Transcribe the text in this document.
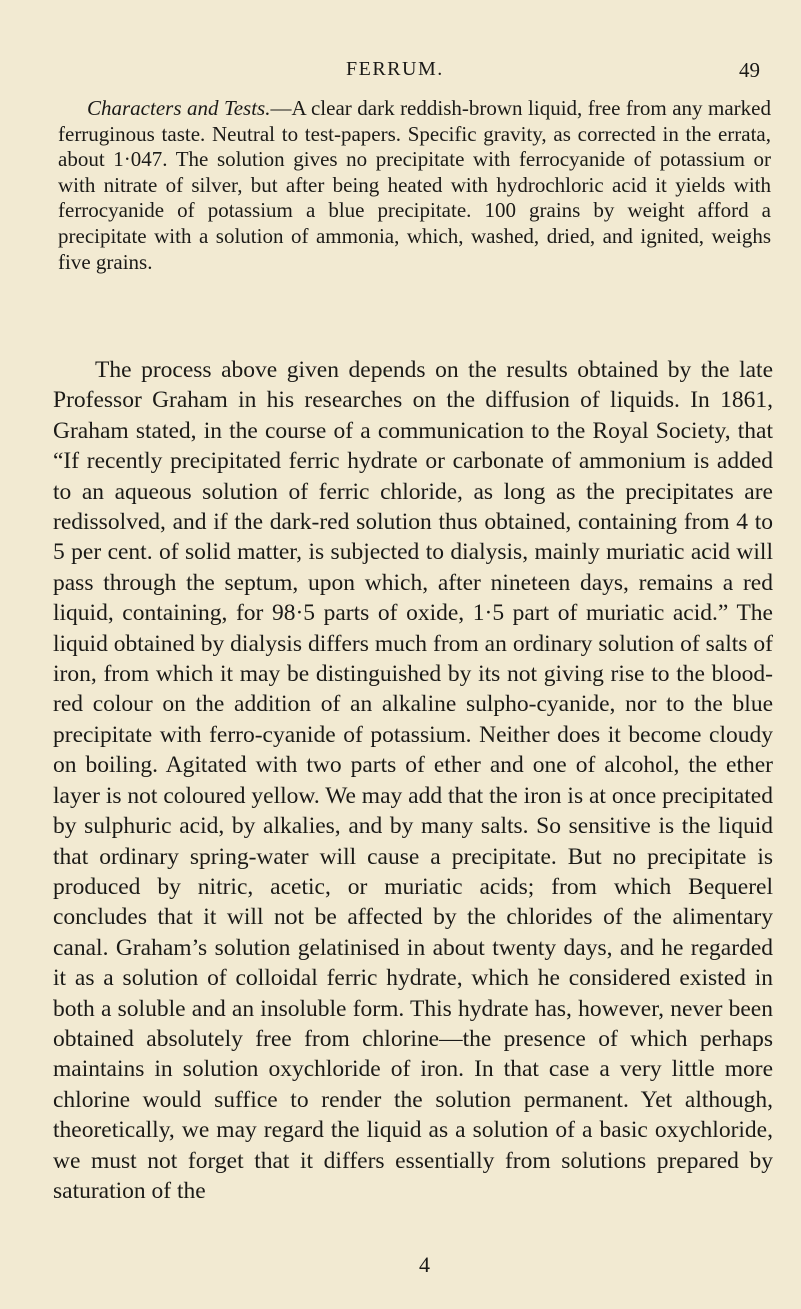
FERRUM.	49

Characters and Tests.—A clear dark reddish-brown liquid, free from any marked ferruginous taste. Neutral to test-papers. Specific gravity, as corrected in the errata, about 1·047. The solution gives no precipitate with ferrocyanide of potassium or with nitrate of silver, but after being heated with hydrochloric acid it yields with ferrocyanide of potassium a blue precipitate. 100 grains by weight afford a precipitate with a solution of ammonia, which, washed, dried, and ignited, weighs five grains.

The process above given depends on the results obtained by the late Professor Graham in his researches on the diffusion of liquids. In 1861, Graham stated, in the course of a communication to the Royal Society, that “If recently precipitated ferric hydrate or carbonate of ammonium is added to an aqueous solution of ferric chloride, as long as the precipitates are redissolved, and if the dark-red solution thus obtained, containing from 4 to 5 per cent. of solid matter, is subjected to dialysis, mainly muriatic acid will pass through the septum, upon which, after nineteen days, remains a red liquid, containing, for 98·5 parts of oxide, 1·5 part of muriatic acid.” The liquid obtained by dialysis differs much from an ordinary solution of salts of iron, from which it may be distinguished by its not giving rise to the blood-red colour on the addition of an alkaline sulpho-cyanide, nor to the blue precipitate with ferro-cyanide of potassium. Neither does it become cloudy on boiling. Agitated with two parts of ether and one of alcohol, the ether layer is not coloured yellow. We may add that the iron is at once precipitated by sulphuric acid, by alkalies, and by many salts. So sensitive is the liquid that ordinary spring-water will cause a precipitate. But no precipitate is produced by nitric, acetic, or muriatic acids; from which Bequerel concludes that it will not be affected by the chlorides of the alimentary canal. Graham’s solution gelatinised in about twenty days, and he regarded it as a solution of colloidal ferric hydrate, which he considered existed in both a soluble and an insoluble form. This hydrate has, however, never been obtained absolutely free from chlorine—the presence of which perhaps maintains in solution oxychloride of iron. In that case a very little more chlorine would suffice to render the solution permanent. Yet although, theoretically, we may regard the liquid as a solution of a basic oxychloride, we must not forget that it differs essentially from solutions prepared by saturation of the

4
